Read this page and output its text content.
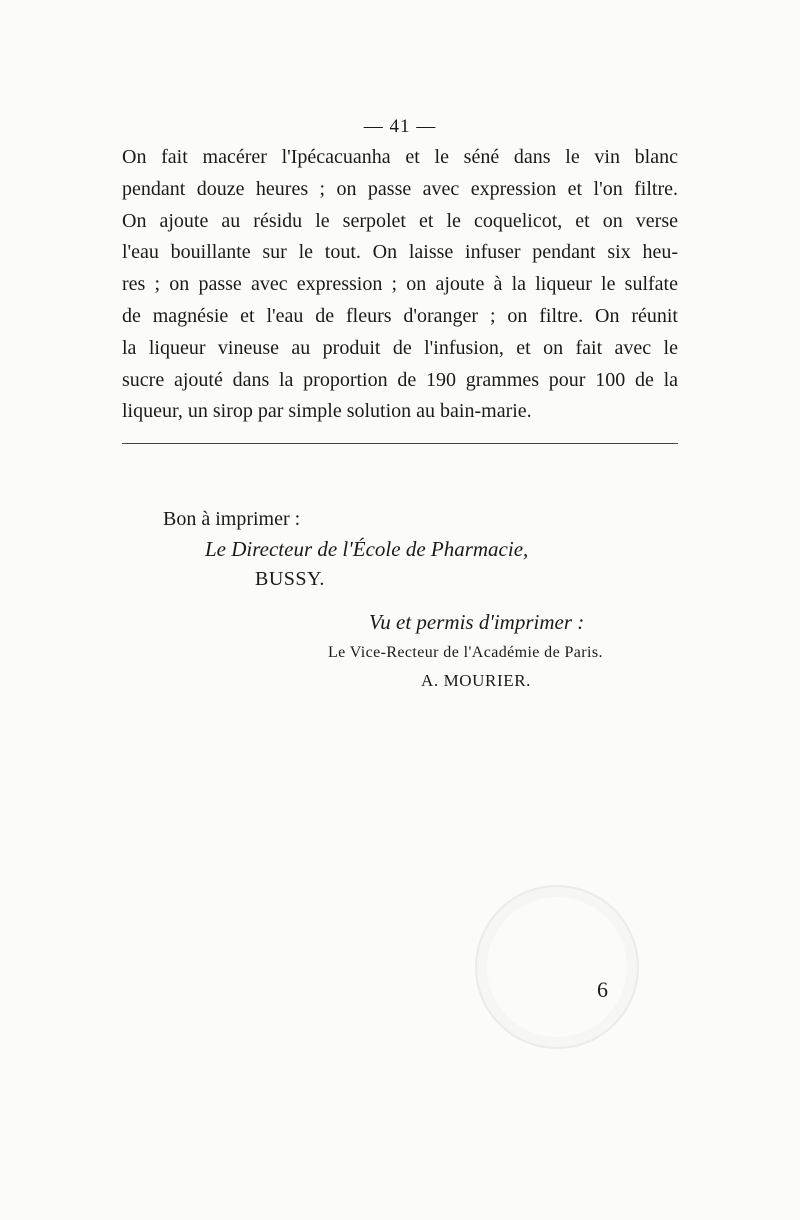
— 41 —
On fait macérer l'Ipécacuanha et le séné dans le vin blanc
pendant douze heures ; on passe avec expression et l'on filtre.
On ajoute au résidu le serpolet et le coquelicot, et on verse
l'eau bouillante sur le tout. On laisse infuser pendant six heu-
res ; on passe avec expression ; on ajoute à la liqueur le sulfate
de magnésie et l'eau de fleurs d'oranger ; on filtre. On réunit
la liqueur vineuse au produit de l'infusion, et on fait avec le
sucre ajouté dans la proportion de 190 grammes pour 100 de la
liqueur, un sirop par simple solution au bain-marie.
Bon à imprimer :
Le Directeur de l'École de Pharmacie,
BUSSY.
Vu et permis d'imprimer :
Le Vice-Recteur de l'Académie de Paris.
A. MOURIER.
6
